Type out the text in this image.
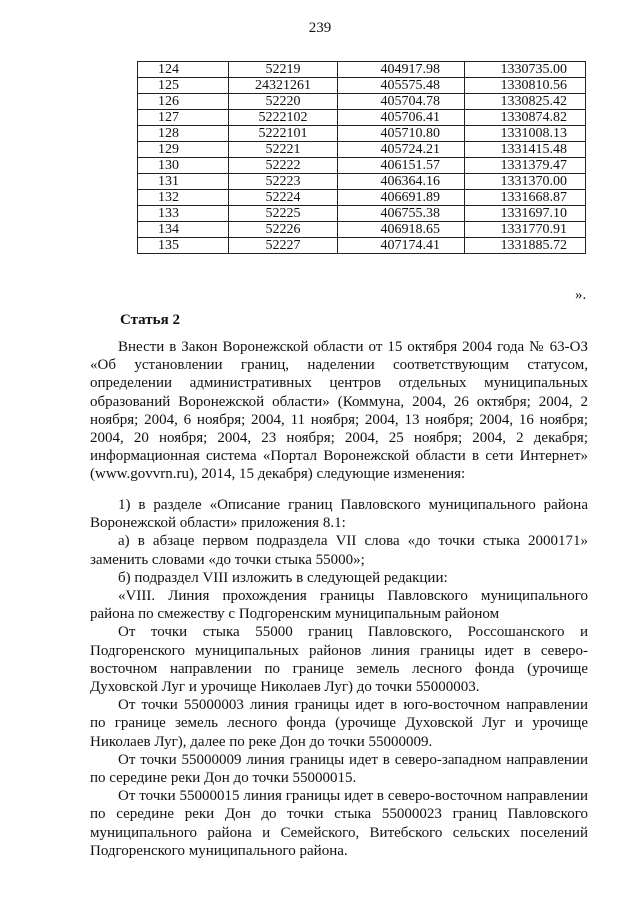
239
124	52219	404917.98	1330735.00
125	24321261	405575.48	1330810.56
126	52220	405704.78	1330825.42
127	5222102	405706.41	1330874.82
128	5222101	405710.80	1331008.13
129	52221	405724.21	1331415.48
130	52222	406151.57	1331379.47
131	52223	406364.16	1331370.00
132	52224	406691.89	1331668.87
133	52225	406755.38	1331697.10
134	52226	406918.65	1331770.91
135	52227	407174.41	1331885.72
».
Статья 2

Внести в Закон Воронежской области от 15 октября 2004 года № 63-ОЗ «Об установлении границ, наделении соответствующим статусом, определении административных центров отдельных муниципальных образований Воронежской области» (Коммуна, 2004, 26 октября; 2004, 2 ноября; 2004, 6 ноября; 2004, 11 ноября; 2004, 13 ноября; 2004, 16 ноября; 2004, 20 ноября; 2004, 23 ноября; 2004, 25 ноября; 2004, 2 декабря; информационная система «Портал Воронежской области в сети Интернет» (www.govvrn.ru), 2014, 15 декабря) следующие изменения:

1) в разделе «Описание границ Павловского муниципального района Воронежской области» приложения 8.1:

а) в абзаце первом подраздела VII слова «до точки стыка 2000171» заменить словами «до точки стыка 55000»;

б) подраздел VIII изложить в следующей редакции:

«VIII. Линия прохождения границы Павловского муниципального района по смежеству с Подгоренским муниципальным районом

От точки стыка 55000 границ Павловского, Россошанского и Подгоренского муниципальных районов линия границы идет в северо-восточном направлении по границе земель лесного фонда (урочище Духовской Луг и урочище Николаев Луг) до точки 55000003.

От точки 55000003 линия границы идет в юго-восточном направлении по границе земель лесного фонда (урочище Духовской Луг и урочище Николаев Луг), далее по реке Дон до точки 55000009.

От точки 55000009 линия границы идет в северо-западном направлении по середине реки Дон до точки 55000015.

От точки 55000015 линия границы идет в северо-восточном направлении по середине реки Дон до точки стыка 55000023 границ Павловского муниципального района и Семейского, Витебского сельских поселений Подгоренского муниципального района.
